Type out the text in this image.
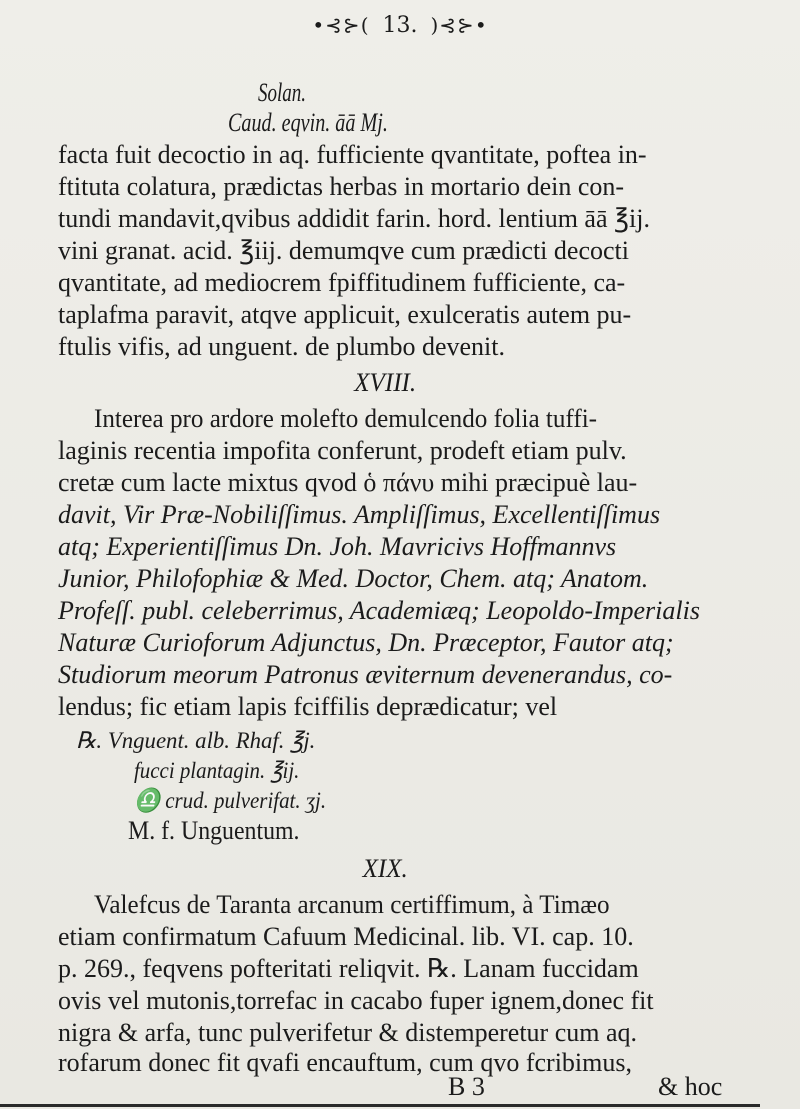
•⊰⊱( 13. )⊰⊱•
Solan.
Caud. eqvin. āā Mj.
facta fuit decoctio in aq. fufficiente qvantitate, poftea in-
ftituta colatura, prædictas herbas in mortario dein con-
tundi mandavit,qvibus addidit farin. hord. lentium āā ℥ij.
vini granat. acid. ℥iij. demumqve cum prædicti decocti
qvantitate, ad mediocrem fpiffitudinem fufficiente, ca-
taplafma paravit, atqve applicuit, exulceratis autem pu-
ftulis vifis, ad unguent. de plumbo devenit.
XVIII.
Interea pro ardore molefto demulcendo folia tuffi-
laginis recentia impofita conferunt, prodeft etiam pulv.
cretæ cum lacte mixtus qvod ὁ πάνυ mihi præcipuè lau-
davit, Vir Præ-Nobiliſſimus. Ampliſſimus, Excellentiſſimus
atq; Experientiſſimus Dn. Joh. Mavricivs Hoffmannvs
Junior, Philofophiæ & Med. Doctor, Chem. atq; Anatom.
Profeſſ. publ. celeberrimus, Academiæq; Leopoldo-Imperialis
Naturæ Curioforum Adjunctus, Dn. Præceptor, Fautor atq;
Studiorum meorum Patronus æviternum devenerandus, co-
lendus; fic etiam lapis fciffilis deprædicatur; vel
℞. Vnguent. alb. Rhaf. ℥j.
fucci plantagin. ℥ij.
♎ crud. pulverifat. ʒj.
M. f. Unguentum.
XIX.
Valefcus de Taranta arcanum certiffimum, à Timæo
etiam confirmatum Cafuum Medicinal. lib. VI. cap. 10.
p. 269., feqvens pofteritati reliqvit. ℞. Lanam fuccidam
ovis vel mutonis,torrefac in cacabo fuper ignem,donec fit
nigra & arfa, tunc pulverifetur & distemperetur cum aq.
rofarum donec fit qvafi encauftum, cum qvo fcribimus,
B 3	& hoc
